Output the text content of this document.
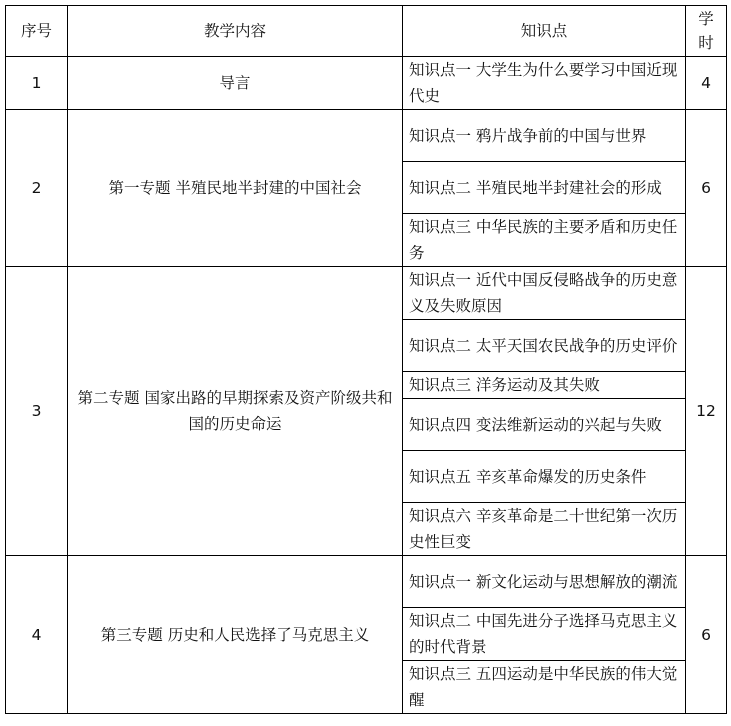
序号	教学内容	知识点	学时
1	导言	知识点一 大学生为什么要学习中国近现代史	4
2	第一专题 半殖民地半封建的中国社会	知识点一 鸦片战争前的中国与世界	6
		知识点二 半殖民地半封建社会的形成	
		知识点三 中华民族的主要矛盾和历史任务	
3	第二专题 国家出路的早期探索及资产阶级共和国的历史命运	知识点一 近代中国反侵略战争的历史意义及失败原因	12
		知识点二 太平天国农民战争的历史评价	
		知识点三 洋务运动及其失败	
		知识点四 变法维新运动的兴起与失败	
		知识点五 辛亥革命爆发的历史条件	
		知识点六 辛亥革命是二十世纪第一次历史性巨变	
4	第三专题 历史和人民选择了马克思主义	知识点一 新文化运动与思想解放的潮流	6
		知识点二 中国先进分子选择马克思主义的时代背景	
		知识点三 五四运动是中华民族的伟大觉醒	
